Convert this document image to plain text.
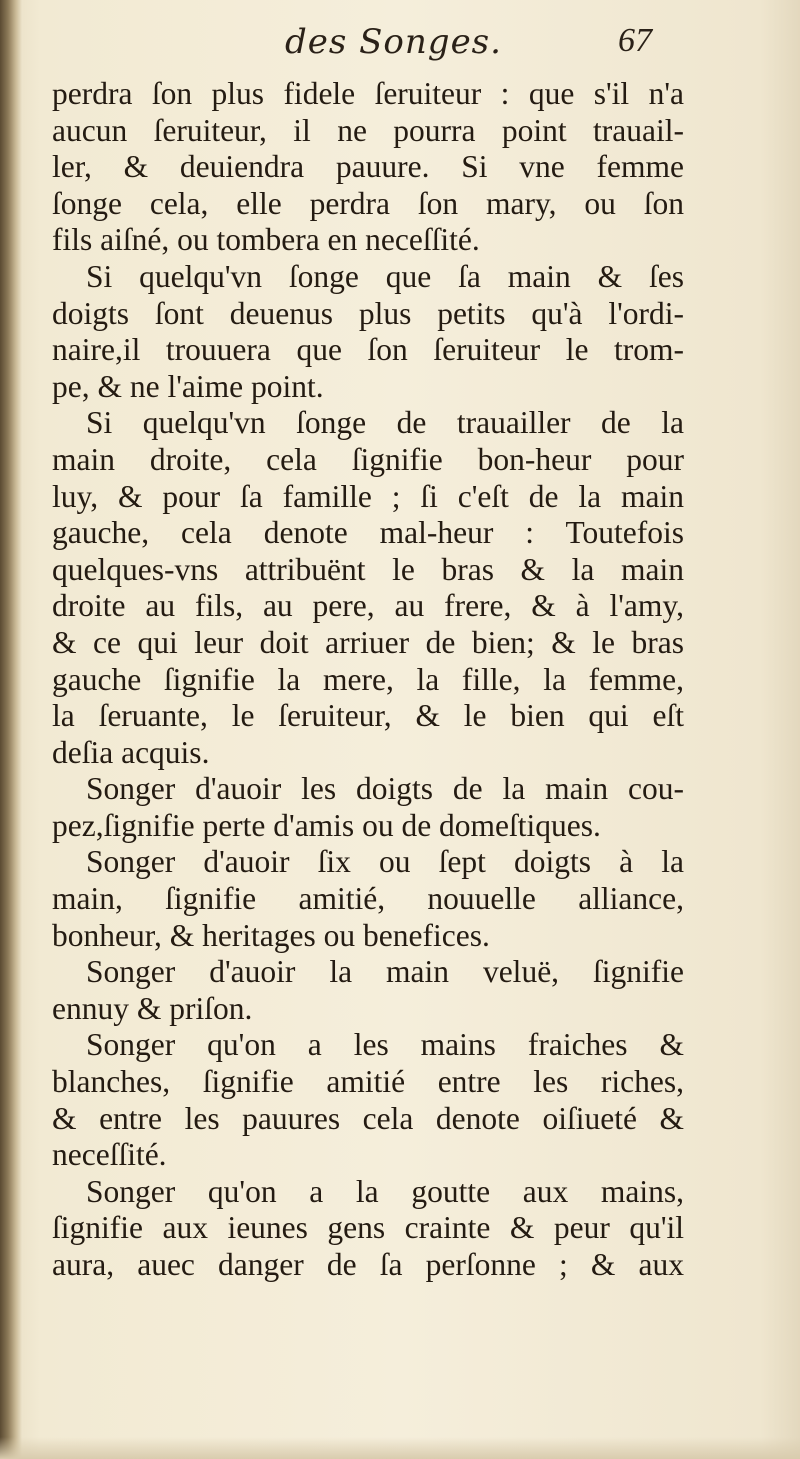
des Songes.	67
perdra ſon plus fidele ſeruiteur : que s'il n'a
aucun ſeruiteur, il ne pourra point trauail-
ler, & deuiendra pauure. Si vne femme
ſonge cela, elle perdra ſon mary, ou ſon
fils aiſné, ou tombera en neceſſité.
Si quelqu'vn ſonge que ſa main & ſes
doigts ſont deuenus plus petits qu'à l'ordi-
naire,il trouuera que ſon ſeruiteur le trom-
pe, & ne l'aime point.
Si quelqu'vn ſonge de trauailler de la
main droite, cela ſignifie bon-heur pour
luy, & pour ſa famille ; ſi c'eſt de la main
gauche, cela denote mal-heur : Toutefois
quelques-vns attribuënt le bras & la main
droite au fils, au pere, au frere, & à l'amy,
& ce qui leur doit arriuer de bien; & le bras
gauche ſignifie la mere, la fille, la femme,
la ſeruante, le ſeruiteur, & le bien qui eſt
deſia acquis.
Songer d'auoir les doigts de la main cou-
pez,ſignifie perte d'amis ou de domeſtiques.
Songer d'auoir ſix ou ſept doigts à la
main, ſignifie amitié, nouuelle alliance,
bonheur, & heritages ou benefices.
Songer d'auoir la main veluë, ſignifie
ennuy & priſon.
Songer qu'on a les mains fraiches &
blanches, ſignifie amitié entre les riches,
& entre les pauures cela denote oiſiueté &
neceſſité.
Songer qu'on a la goutte aux mains,
ſignifie aux ieunes gens crainte & peur qu'il
aura, auec danger de ſa perſonne ; & aux
